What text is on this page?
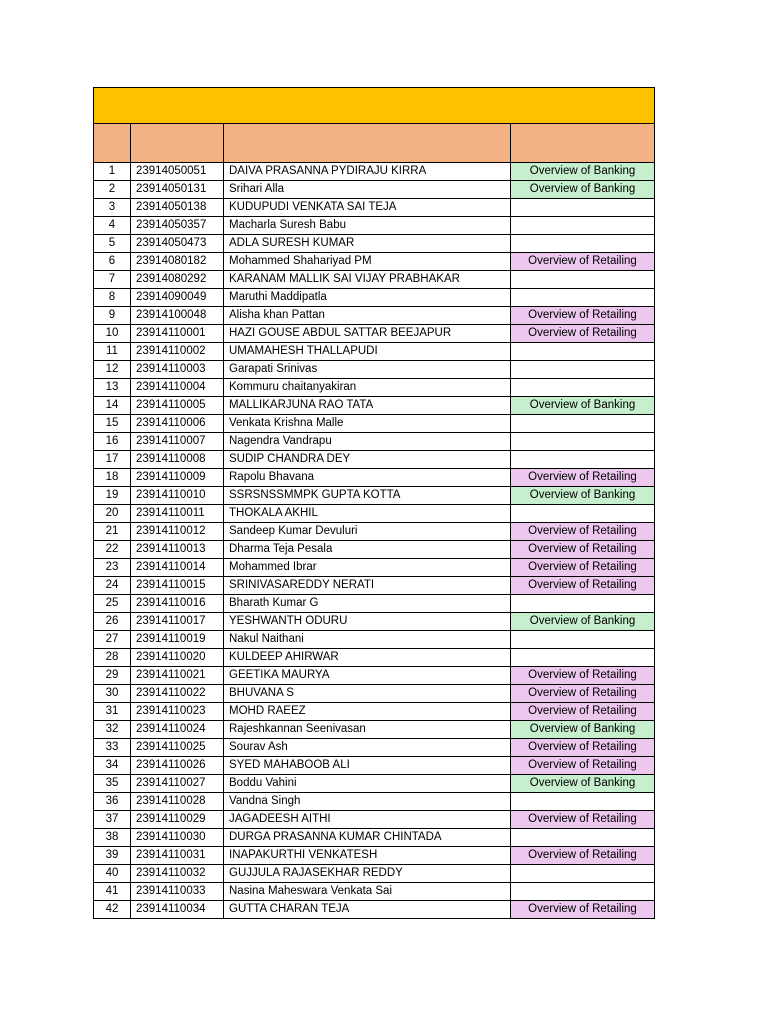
1	23914050051	DAIVA PRASANNA PYDIRAJU KIRRA	Overview of Banking
2	23914050131	Srihari Alla	Overview of Banking
3	23914050138	KUDUPUDI VENKATA SAI TEJA	
4	23914050357	Macharla Suresh Babu	
5	23914050473	ADLA SURESH KUMAR	
6	23914080182	Mohammed Shahariyad PM	Overview of Retailing
7	23914080292	KARANAM MALLIK SAI VIJAY PRABHAKAR	
8	23914090049	Maruthi Maddipatla	
9	23914100048	Alisha khan Pattan	Overview of Retailing
10	23914110001	HAZI GOUSE ABDUL SATTAR BEEJAPUR	Overview of Retailing
11	23914110002	UMAMAHESH THALLAPUDI	
12	23914110003	Garapati Srinivas	
13	23914110004	Kommuru chaitanyakiran	
14	23914110005	MALLIKARJUNA RAO TATA	Overview of Banking
15	23914110006	Venkata Krishna Malle	
16	23914110007	Nagendra Vandrapu	
17	23914110008	SUDIP CHANDRA DEY	
18	23914110009	Rapolu Bhavana	Overview of Retailing
19	23914110010	SSRSNSSMMPK GUPTA KOTTA	Overview of Banking
20	23914110011	THOKALA AKHIL	
21	23914110012	Sandeep Kumar Devuluri	Overview of Retailing
22	23914110013	Dharma Teja Pesala	Overview of Retailing
23	23914110014	Mohammed Ibrar	Overview of Retailing
24	23914110015	SRINIVASAREDDY NERATI	Overview of Retailing
25	23914110016	Bharath Kumar G	
26	23914110017	YESHWANTH ODURU	Overview of Banking
27	23914110019	Nakul Naithani	
28	23914110020	KULDEEP AHIRWAR	
29	23914110021	GEETIKA MAURYA	Overview of Retailing
30	23914110022	BHUVANA S	Overview of Retailing
31	23914110023	MOHD RAEEZ	Overview of Retailing
32	23914110024	Rajeshkannan Seenivasan	Overview of Banking
33	23914110025	Sourav Ash	Overview of Retailing
34	23914110026	SYED MAHABOOB ALI	Overview of Retailing
35	23914110027	Boddu Vahini	Overview of Banking
36	23914110028	Vandna Singh	
37	23914110029	JAGADEESH AITHI	Overview of Retailing
38	23914110030	DURGA PRASANNA KUMAR CHINTADA	
39	23914110031	INAPAKURTHI VENKATESH	Overview of Retailing
40	23914110032	GUJJULA RAJASEKHAR REDDY	
41	23914110033	Nasina Maheswara Venkata Sai	
42	23914110034	GUTTA CHARAN TEJA	Overview of Retailing
